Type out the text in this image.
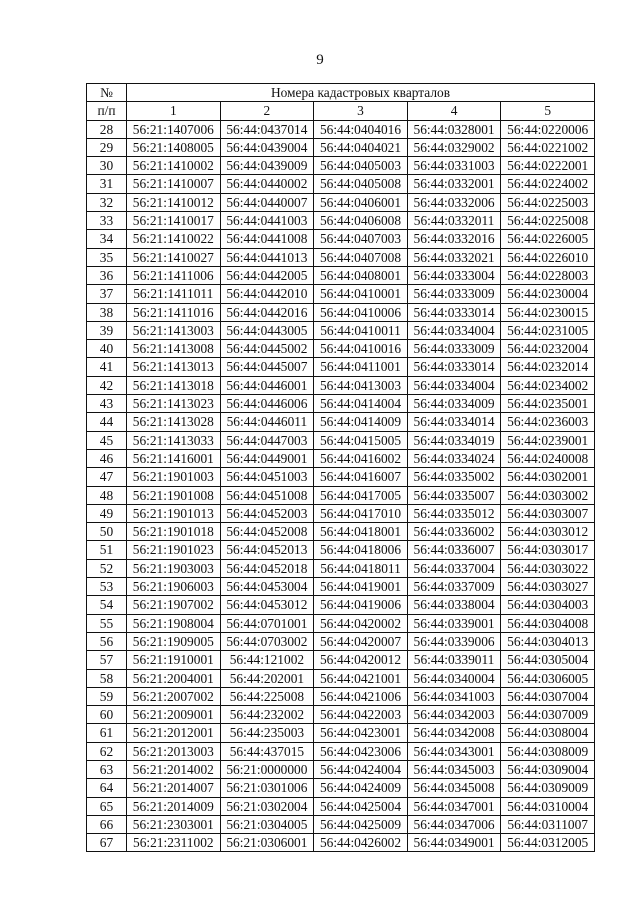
9
№	Номера кадастровых кварталов				
п/п	1	2	3	4	5
28	56:21:1407006	56:44:0437014	56:44:0404016	56:44:0328001	56:44:0220006
29	56:21:1408005	56:44:0439004	56:44:0404021	56:44:0329002	56:44:0221002
30	56:21:1410002	56:44:0439009	56:44:0405003	56:44:0331003	56:44:0222001
31	56:21:1410007	56:44:0440002	56:44:0405008	56:44:0332001	56:44:0224002
32	56:21:1410012	56:44:0440007	56:44:0406001	56:44:0332006	56:44:0225003
33	56:21:1410017	56:44:0441003	56:44:0406008	56:44:0332011	56:44:0225008
34	56:21:1410022	56:44:0441008	56:44:0407003	56:44:0332016	56:44:0226005
35	56:21:1410027	56:44:0441013	56:44:0407008	56:44:0332021	56:44:0226010
36	56:21:1411006	56:44:0442005	56:44:0408001	56:44:0333004	56:44:0228003
37	56:21:1411011	56:44:0442010	56:44:0410001	56:44:0333009	56:44:0230004
38	56:21:1411016	56:44:0442016	56:44:0410006	56:44:0333014	56:44:0230015
39	56:21:1413003	56:44:0443005	56:44:0410011	56:44:0334004	56:44:0231005
40	56:21:1413008	56:44:0445002	56:44:0410016	56:44:0333009	56:44:0232004
41	56:21:1413013	56:44:0445007	56:44:0411001	56:44:0333014	56:44:0232014
42	56:21:1413018	56:44:0446001	56:44:0413003	56:44:0334004	56:44:0234002
43	56:21:1413023	56:44:0446006	56:44:0414004	56:44:0334009	56:44:0235001
44	56:21:1413028	56:44:0446011	56:44:0414009	56:44:0334014	56:44:0236003
45	56:21:1413033	56:44:0447003	56:44:0415005	56:44:0334019	56:44:0239001
46	56:21:1416001	56:44:0449001	56:44:0416002	56:44:0334024	56:44:0240008
47	56:21:1901003	56:44:0451003	56:44:0416007	56:44:0335002	56:44:0302001
48	56:21:1901008	56:44:0451008	56:44:0417005	56:44:0335007	56:44:0303002
49	56:21:1901013	56:44:0452003	56:44:0417010	56:44:0335012	56:44:0303007
50	56:21:1901018	56:44:0452008	56:44:0418001	56:44:0336002	56:44:0303012
51	56:21:1901023	56:44:0452013	56:44:0418006	56:44:0336007	56:44:0303017
52	56:21:1903003	56:44:0452018	56:44:0418011	56:44:0337004	56:44:0303022
53	56:21:1906003	56:44:0453004	56:44:0419001	56:44:0337009	56:44:0303027
54	56:21:1907002	56:44:0453012	56:44:0419006	56:44:0338004	56:44:0304003
55	56:21:1908004	56:44:0701001	56:44:0420002	56:44:0339001	56:44:0304008
56	56:21:1909005	56:44:0703002	56:44:0420007	56:44:0339006	56:44:0304013
57	56:21:1910001	56:44:121002	56:44:0420012	56:44:0339011	56:44:0305004
58	56:21:2004001	56:44:202001	56:44:0421001	56:44:0340004	56:44:0306005
59	56:21:2007002	56:44:225008	56:44:0421006	56:44:0341003	56:44:0307004
60	56:21:2009001	56:44:232002	56:44:0422003	56:44:0342003	56:44:0307009
61	56:21:2012001	56:44:235003	56:44:0423001	56:44:0342008	56:44:0308004
62	56:21:2013003	56:44:437015	56:44:0423006	56:44:0343001	56:44:0308009
63	56:21:2014002	56:21:0000000	56:44:0424004	56:44:0345003	56:44:0309004
64	56:21:2014007	56:21:0301006	56:44:0424009	56:44:0345008	56:44:0309009
65	56:21:2014009	56:21:0302004	56:44:0425004	56:44:0347001	56:44:0310004
66	56:21:2303001	56:21:0304005	56:44:0425009	56:44:0347006	56:44:0311007
67	56:21:2311002	56:21:0306001	56:44:0426002	56:44:0349001	56:44:0312005
